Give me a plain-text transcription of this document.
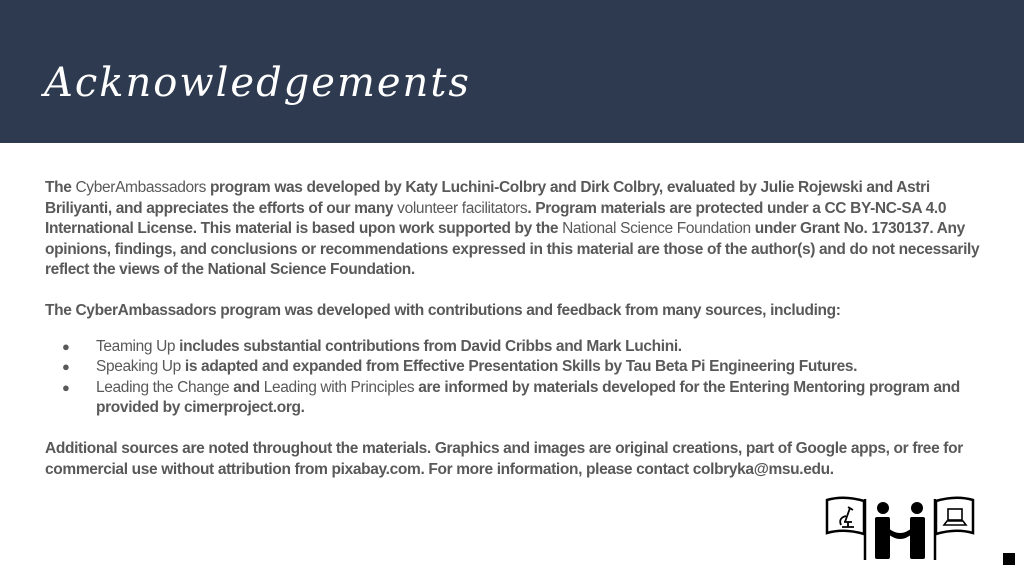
Acknowledgements

The CyberAmbassadors program was developed by Katy Luchini-Colbry and Dirk Colbry, evaluated by Julie Rojewski and Astri Briliyanti, and appreciates the efforts of our many volunteer facilitators. Program materials are protected under a CC BY-NC-SA 4.0 International License. This material is based upon work supported by the National Science Foundation under Grant No. 1730137. Any opinions, findings, and conclusions or recommendations expressed in this material are those of the author(s) and do not necessarily reflect the views of the National Science Foundation.

The CyberAmbassadors program was developed with contributions and feedback from many sources, including:

● Teaming Up includes substantial contributions from David Cribbs and Mark Luchini.
● Speaking Up is adapted and expanded from Effective Presentation Skills by Tau Beta Pi Engineering Futures.
● Leading the Change and Leading with Principles are informed by materials developed for the Entering Mentoring program and provided by cimerproject.org.

Additional sources are noted throughout the materials. Graphics and images are original creations, part of Google apps, or free for commercial use without attribution from pixabay.com. For more information, please contact colbryka@msu.edu.
